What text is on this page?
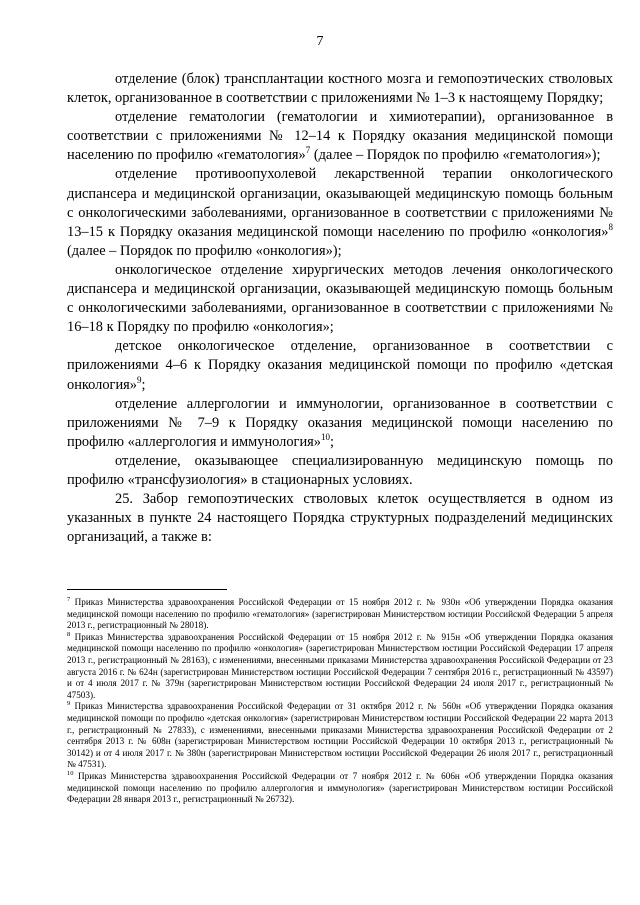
7

отделение (блок) трансплантации костного мозга и гемопоэтических стволовых клеток, организованное в соответствии с приложениями № 1–3 к настоящему Порядку;

отделение гематологии (гематологии и химиотерапии), организованное в соответствии с приложениями № 12–14 к Порядку оказания медицинской помощи населению по профилю «гематология»$^7$ (далее – Порядок по профилю «гематология»);

отделение противоопухолевой лекарственной терапии онкологического диспансера и медицинской организации, оказывающей медицинскую помощь больным с онкологическими заболеваниями, организованное в соответствии с приложениями № 13–15 к Порядку оказания медицинской помощи населению по профилю «онкология»$^8$ (далее – Порядок по профилю «онкология»);

онкологическое отделение хирургических методов лечения онкологического диспансера и медицинской организации, оказывающей медицинскую помощь больным с онкологическими заболеваниями, организованное в соответствии с приложениями № 16–18 к Порядку по профилю «онкология»;

детское онкологическое отделение, организованное в соответствии с приложениями 4–6 к Порядку оказания медицинской помощи по профилю «детская онкология»$^9$;

отделение аллергологии и иммунологии, организованное в соответствии с приложениями № 7–9 к Порядку оказания медицинской помощи населению по профилю «аллергология и иммунология»$^{10}$;

отделение, оказывающее специализированную медицинскую помощь по профилю «трансфузиология» в стационарных условиях.

25. Забор гемопоэтических стволовых клеток осуществляется в одном из указанных в пункте 24 настоящего Порядка структурных подразделений медицинских организаций, а также в:

$^7$ Приказ Министерства здравоохранения Российской Федерации от 15 ноября 2012 г. № 930н «Об утверждении Порядка оказания медицинской помощи населению по профилю «гематология» (зарегистрирован Министерством юстиции Российской Федерации 5 апреля 2013 г., регистрационный № 28018).

$^8$ Приказ Министерства здравоохранения Российской Федерации от 15 ноября 2012 г. № 915н «Об утверждении Порядка оказания медицинской помощи населению по профилю «онкология» (зарегистрирован Министерством юстиции Российской Федерации 17 апреля 2013 г., регистрационный № 28163), с изменениями, внесенными приказами Министерства здравоохранения Российской Федерации от 23 августа 2016 г. № 624н (зарегистрирован Министерством юстиции Российской Федерации 7 сентября 2016 г., регистрационный № 43597) и от 4 июля 2017 г. № 379н (зарегистрирован Министерством юстиции Российской Федерации 24 июля 2017 г., регистрационный № 47503).

$^9$ Приказ Министерства здравоохранения Российской Федерации от 31 октября 2012 г. № 560н «Об утверждении Порядка оказания медицинской помощи по профилю «детская онкология» (зарегистрирован Министерством юстиции Российской Федерации 22 марта 2013 г., регистрационный № 27833), с изменениями, внесенными приказами Министерства здравоохранения Российской Федерации от 2 сентября 2013 г. № 608н (зарегистрирован Министерством юстиции Российской Федерации 10 октября 2013 г., регистрационный № 30142) и от 4 июля 2017 г. № 380н (зарегистрирован Министерством юстиции Российской Федерации 26 июля 2017 г., регистрационный № 47531).

$^{10}$ Приказ Министерства здравоохранения Российской Федерации от 7 ноября 2012 г. № 606н «Об утверждении Порядка оказания медицинской помощи населению по профилю аллергология и иммунология» (зарегистрирован Министерством юстиции Российской Федерации 28 января 2013 г., регистрационный № 26732).
